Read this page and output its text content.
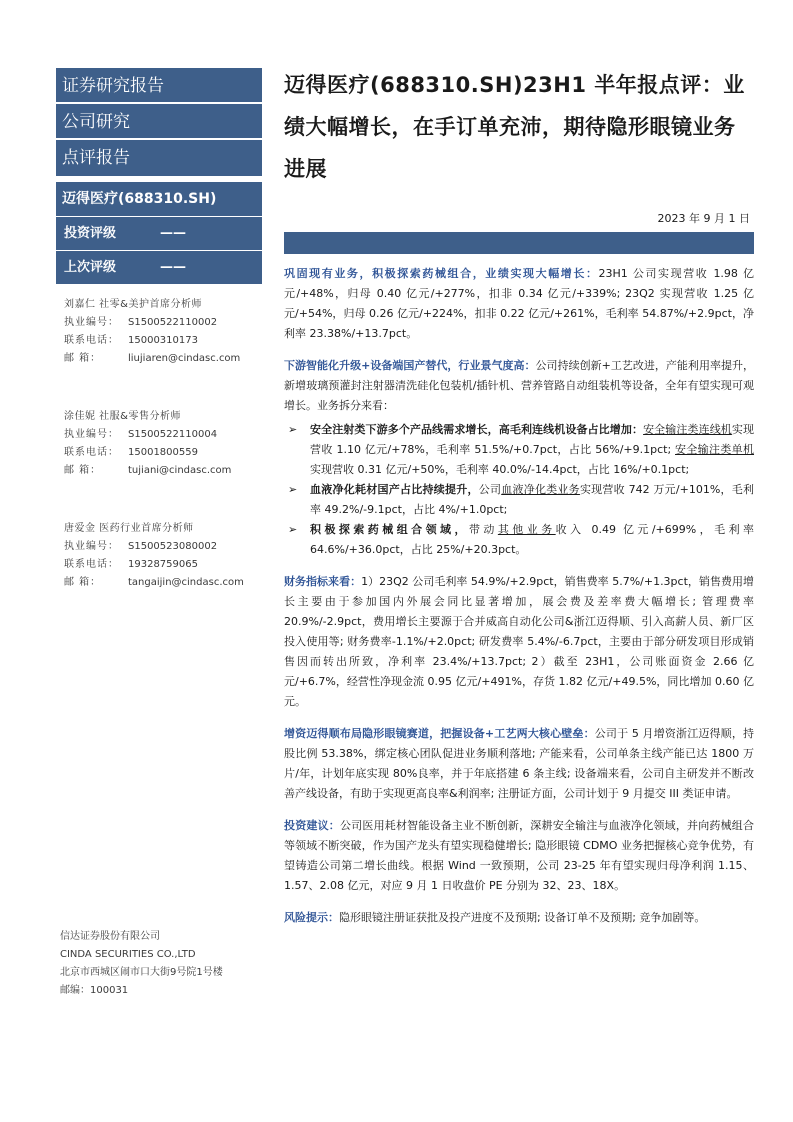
证券研究报告
公司研究
点评报告
迈得医疗(688310.SH)
投资评级	——
上次评级	——
刘嘉仁 社零&美护首席分析师
执业编号： S1500522110002
联系电话： 15000310173
邮 箱：	liujiaren@cindasc.com
涂佳妮 社服&零售分析师
执业编号： S1500522110004
联系电话： 15001800559
邮 箱：	tujiani@cindasc.com
唐爱金 医药行业首席分析师
执业编号： S1500523080002
联系电话： 19328759065
邮 箱：	tangaijin@cindasc.com
信达证券股份有限公司
CINDA SECURITIES CO.,LTD
北京市西城区闹市口大街9号院1号楼
邮编：100031
迈得医疗(688310.SH)23H1 半年报点评：业绩大幅增长，在手订单充沛，期待隐形眼镜业务进展
2023 年 9 月 1 日
巩固现有业务，积极探索药械组合，业绩实现大幅增长：23H1 公司实现营收 1.98 亿元/+48%，归母 0.40 亿元/+277%，扣非 0.34 亿元/+339%; 23Q2 实现营收 1.25 亿元/+54%，归母 0.26 亿元/+224%，扣非 0.22 亿元/+261%，毛利率 54.87%/+2.9pct，净利率 23.38%/+13.7pct。
下游智能化升级+设备端国产替代，行业景气度高：公司持续创新+工艺改进，产能利用率提升，新增玻璃预灌封注射器清洗硅化包装机/插针机、营养管路自动组装机等设备，全年有望实现可观增长。业务拆分来看：
➢ 安全注射类下游多个产品线需求增长，高毛利连线机设备占比增加：安全输注类连线机实现营收 1.10 亿元/+78%，毛利率 51.5%/+0.7pct，占比 56%/+9.1pct; 安全输注类单机实现营收 0.31 亿元/+50%，毛利率 40.0%/-14.4pct，占比 16%/+0.1pct;
➢ 血液净化耗材国产占比持续提升，公司血液净化类业务实现营收 742 万元/+101%，毛利率 49.2%/-9.1pct，占比 4%/+1.0pct;
➢ 积极探索药械组合领域，带动其他业务收入 0.49 亿元/+699%，毛利率 64.6%/+36.0pct，占比 25%/+20.3pct。
财务指标来看：1）23Q2 公司毛利率 54.9%/+2.9pct，销售费率 5.7%/+1.3pct，销售费用增长主要由于参加国内外展会同比显著增加，展会费及差率费大幅增长; 管理费率 20.9%/-2.9pct，费用增长主要源于合并威高自动化公司&浙江迈得顺、引入高薪人员、新厂区投入使用等; 财务费率-1.1%/+2.0pct; 研发费率 5.4%/-6.7pct，主要由于部分研发项目形成销售因而转出所致，净利率 23.4%/+13.7pct; 2）截至 23H1，公司账面资金 2.66 亿元/+6.7%，经营性净现金流 0.95 亿元/+491%，存货 1.82 亿元/+49.5%，同比增加 0.60 亿元。
增资迈得顺布局隐形眼镜赛道，把握设备+工艺两大核心壁垒：公司于 5 月增资浙江迈得顺，持股比例 53.38%，绑定核心团队促进业务顺利落地; 产能来看，公司单条主线产能已达 1800 万片/年，计划年底实现 80%良率，并于年底搭建 6 条主线; 设备端来看，公司自主研发并不断改善产线设备，有助于实现更高良率&利润率; 注册证方面，公司计划于 9 月提交 III 类证申请。
投资建议：公司医用耗材智能设备主业不断创新，深耕安全输注与血液净化领域，并向药械组合等领域不断突破，作为国产龙头有望实现稳健增长; 隐形眼镜 CDMO 业务把握核心竞争优势，有望铸造公司第二增长曲线。根据 Wind 一致预期，公司 23-25 年有望实现归母净利润 1.15、1.57、2.08 亿元，对应 9 月 1 日收盘价 PE 分别为 32、23、18X。
风险提示：隐形眼镜注册证获批及投产进度不及预期; 设备订单不及预期; 竞争加剧等。
